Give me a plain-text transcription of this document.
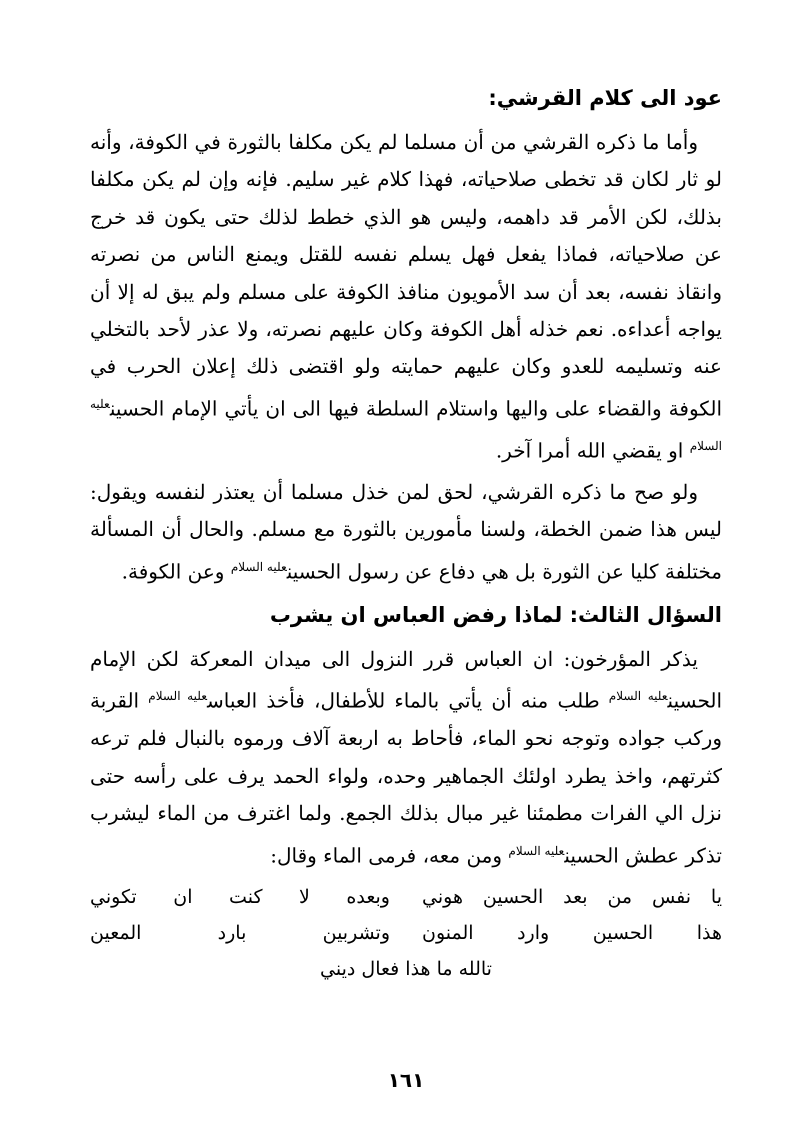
عود الى كلام القرشي:

وأما ما ذكره القرشي من أن مسلما لم يكن مكلفا بالثورة في الكوفة، وأنه لو ثار لكان قد تخطى صلاحياته، فهذا كلام غير سليم. فإنه وإن لم يكن مكلفا بذلك، لكن الأمر قد داهمه، وليس هو الذي خطط لذلك حتى يكون قد خرج عن صلاحياته، فماذا يفعل فهل يسلم نفسه للقتل ويمنع الناس من نصرته وانقاذ نفسه، بعد أن سد الأمويون منافذ الكوفة على مسلم ولم يبق له إلا أن يواجه أعداءه. نعم خذله أهل الكوفة وكان عليهم نصرته، ولا عذر لأحد بالتخلي عنه وتسليمه للعدو وكان عليهم حمايته ولو اقتضى ذلك إعلان الحرب في الكوفة والقضاء على واليها واستلام السلطة فيها الى ان يأتي الإمام الحسين$^{عليه السلام}$ او يقضي الله أمرا آخر.

ولو صح ما ذكره القرشي، لحق لمن خذل مسلما أن يعتذر لنفسه ويقول: ليس هذا ضمن الخطة، ولسنا مأمورين بالثورة مع مسلم. والحال أن المسألة مختلفة كليا عن الثورة بل هي دفاع عن رسول الحسين$^{عليه السلام}$ وعن الكوفة.

السؤال الثالث: لماذا رفض العباس ان يشرب

يذكر المؤرخون: ان العباس قرر النزول الى ميدان المعركة لكن الإمام الحسين$^{عليه السلام}$ طلب منه أن يأتي بالماء للأطفال، فأخذ العباس$^{عليه السلام}$ القربة وركب جواده وتوجه نحو الماء، فأحاط به اربعة آلاف ورموه بالنبال فلم ترعه كثرتهم، واخذ يطرد اولئك الجماهير وحده، ولواء الحمد يرف على رأسه حتى نزل الي الفرات مطمئنا غير مبال بذلك الجمع. ولما اغترف من الماء ليشرب تذكر عطش الحسين$^{عليه السلام}$ ومن معه، فرمى الماء وقال:

يا نفس من بعد الحسين هوني
وبعده لا كنت ان تكوني
هذا الحسين وارد المنون
وتشربين بارد المعين
تالله ما هذا فعال ديني
١٦١
